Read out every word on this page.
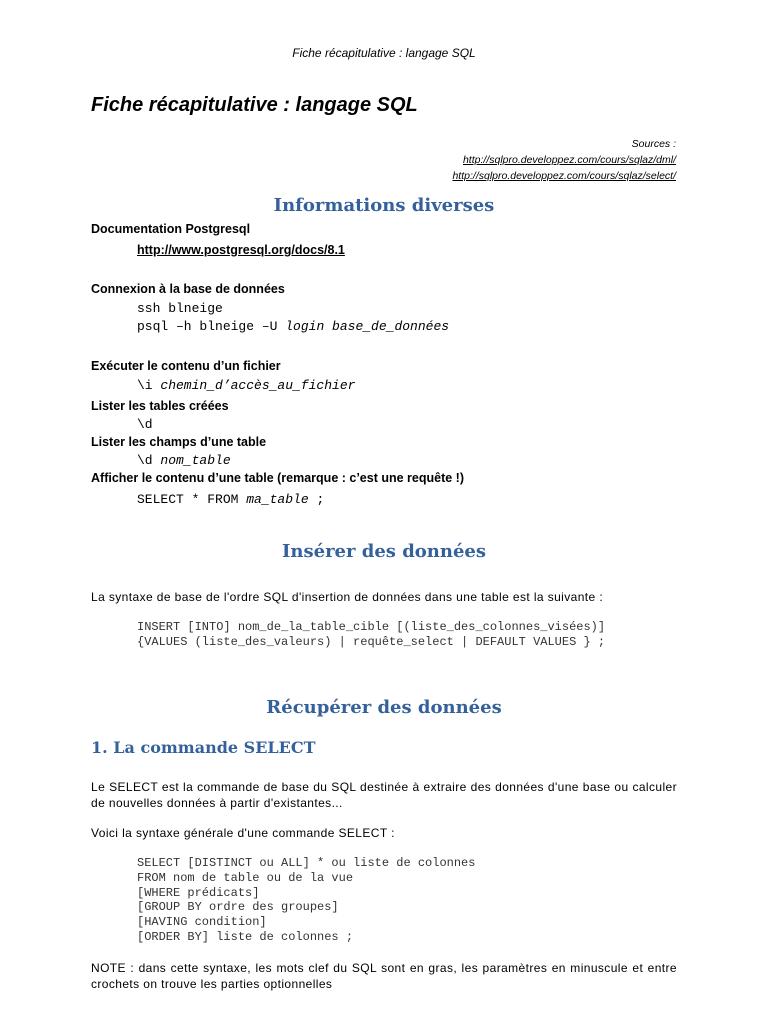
Fiche récapitulative : langage SQL
Fiche récapitulative : langage SQL
Sources :
http://sqlpro.developpez.com/cours/sqlaz/dml/
http://sqlpro.developpez.com/cours/sqlaz/select/
Informations diverses
Documentation Postgresql
http://www.postgresql.org/docs/8.1
Connexion à la base de données
ssh blneige
psql –h blneige –U login base_de_données
Exécuter le contenu d’un fichier
\i chemin_d’accès_au_fichier
Lister les tables créées
\d
Lister les champs d’une table
\d nom_table
Afficher le contenu d’une table (remarque : c’est une requête !)
SELECT * FROM ma_table ;
Insérer des données
La syntaxe de base de l'ordre SQL d'insertion de données dans une table est la suivante :
INSERT [INTO] nom_de_la_table_cible [(liste_des_colonnes_visées)]
{VALUES (liste_des_valeurs) | requête_select | DEFAULT VALUES } ;
Récupérer des données
1. La commande SELECT
Le SELECT est la commande de base du SQL destinée à extraire des données d'une base ou calculer de nouvelles données à partir d'existantes...
Voici la syntaxe générale d'une commande SELECT :
SELECT [DISTINCT ou ALL] * ou liste de colonnes
FROM nom de table ou de la vue
[WHERE prédicats]
[GROUP BY ordre des groupes]
[HAVING condition]
[ORDER BY] liste de colonnes ;
NOTE : dans cette syntaxe, les mots clef du SQL sont en gras, les paramètres en minuscule et entre crochets on trouve les parties optionnelles
